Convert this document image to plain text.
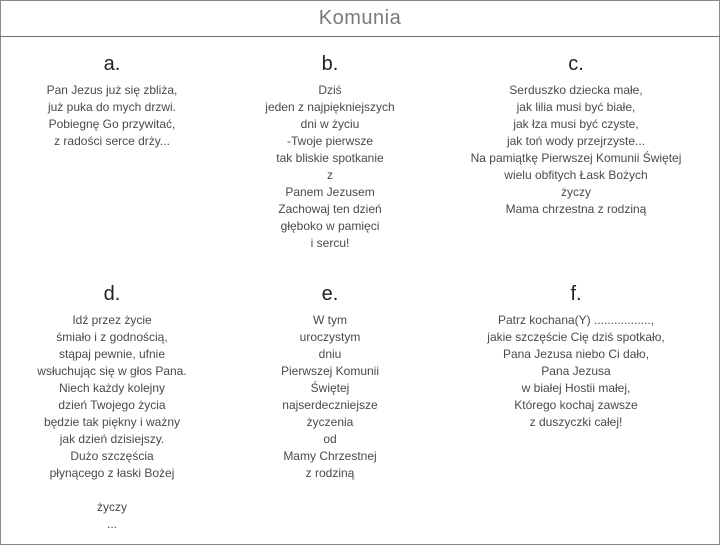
Komunia
a.
Pan Jezus już się zbliża,
już puka do mych drzwi.
Pobiegnę Go przywitać,
z radości serce drży...
b.
Dziś
jeden z najpiękniejszych
dni w życiu
-Twoje pierwsze
tak bliskie spotkanie
z
Panem Jezusem
Zachowaj ten dzień
głęboko w pamięci
i sercu!
c.
Serduszko dziecka małe,
jak lilia musi być białe,
jak łza musi być czyste,
jak toń wody przejrzyste...
Na pamiątkę Pierwszej Komunii Świętej
wielu obfitych Łask Bożych
życzy
Mama chrzestna z rodziną
d.
Idź przez życie
śmiało i z godnością,
stąpaj pewnie, ufnie
wsłuchując się w głos Pana.
Niech każdy kolejny
dzień Twojego życia
będzie tak piękny i ważny
jak dzień dzisiejszy.
Dużo szczęścia
płynącego z łaski Bożej
życzy
...
e.
W tym
uroczystym
dniu
Pierwszej Komunii
Świętej
najserdeczniejsze
życzenia
od
Mamy Chrzestnej
z rodziną
f.
Patrz kochana(Y) .................,
jakie szczęście Cię dziś spotkało,
Pana Jezusa niebo Ci dało,
Pana Jezusa
w białej Hostii małej,
Którego kochaj zawsze
z duszyczki całej!
